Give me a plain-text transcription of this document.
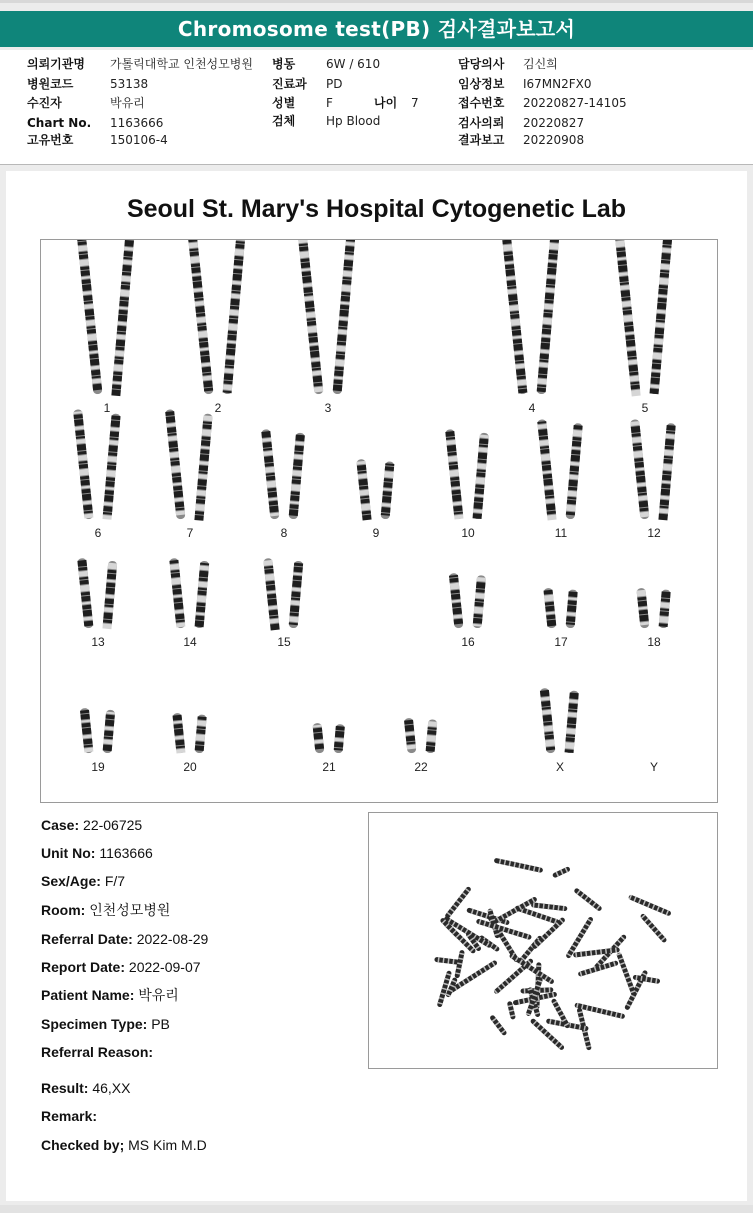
Chromosome test(PB) 검사결과보고서
의뢰기관명 가톨릭대학교 인천성모병원
병원코드	53138
수진자	박유리
Chart No. 1163666
고유번호	150106-4
병동	6W / 610
진료과 PD
성별	F	나이 7
검체	Hp Blood
담당의사 김신희
임상정보 I67MN2FX0
접수번호 20220827-14105
검사의뢰 20220827
결과보고 20220908
Seoul St. Mary's Hospital Cytogenetic Lab
1	2	3	4	5
6	7	8	9	10	11	12
13	14	15	16	17	18
19	20	21	22	X	Y
Case: 22-06725
Unit No: 1163666
Sex/Age: F/7
Room: 인천성모병원
Referral Date: 2022-08-29
Report Date: 2022-09-07
Patient Name: 박유리
Specimen Type: PB
Referral Reason:
Result: 46,XX
Remark:
Checked by; MS Kim M.D
